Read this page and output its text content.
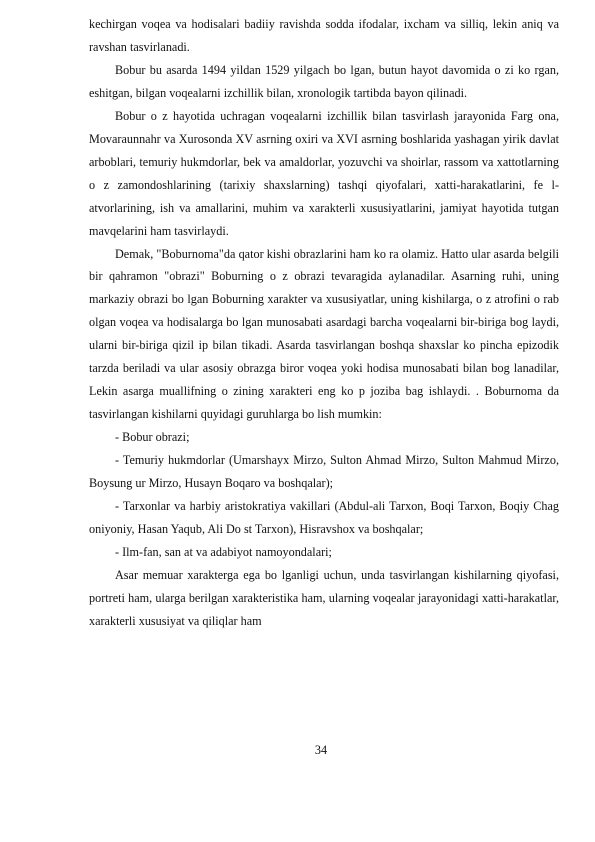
kechirgan voqea va hodisalari badiiy ravishda sodda ifodalar, ixcham va silliq, lekin aniq va ravshan tasvirlanadi.

Bobur bu asarda 1494 yildan 1529 yilgach bo lgan, butun hayot davomida o zi ko rgan, eshitgan, bilgan voqealarni izchillik bilan, xronologik tartibda bayon qilinadi.

Bobur o z hayotida uchragan voqealarni izchillik bilan tasvirlash jarayonida Farg ona, Movaraunnahr va Xurosonda XV asrning oxiri va XVI asrning boshlarida yashagan yirik davlat arboblari, temuriy hukmdorlar, bek va amaldorlar, yozuvchi va shoirlar, rassom va xattotlarning o z zamondoshlarining (tarixiy shaxslarning) tashqi qiyofalari, xatti-harakatlarini, fe l-atvorlarining, ish va amallarini, muhim va xarakterli xususiyatlarini, jamiyat hayotida tutgan mavqelarini ham tasvirlaydi.

Demak, "Boburnoma"da qator kishi obrazlarini ham ko ra olamiz. Hatto ular asarda belgili bir qahramon "obrazi" Boburning o z obrazi tevaragida aylanadilar. Asarning ruhi, uning markaziy obrazi bo lgan Boburning xarakter va xususiyatlar, uning kishilarga, o z atrofini o rab olgan voqea va hodisalarga bo lgan munosabati asardagi barcha voqealarni bir-biriga bog laydi, ularni bir-biriga qizil ip bilan tikadi. Asarda tasvirlangan boshqa shaxslar ko pincha epizodik tarzda beriladi va ular asosiy obrazga biror voqea yoki hodisa munosabati bilan bog lanadilar, Lekin asarga muallifning o zining xarakteri eng ko p joziba bag ishlaydi. . Boburnoma da tasvirlangan kishilarni quyidagi guruhlarga bo lish mumkin:

- Bobur obrazi;

- Temuriy hukmdorlar (Umarshayx Mirzo, Sulton Ahmad Mirzo, Sulton Mahmud Mirzo, Boysung ur Mirzo, Husayn Boqaro va boshqalar);

- Tarxonlar va harbiy aristokratiya vakillari (Abdul-ali Tarxon, Boqi Tarxon, Boqiy Chag oniyoniy, Hasan Yaqub, Ali Do st Tarxon), Hisravshox va boshqalar;

- Ilm-fan, san at va adabiyot namoyondalari;

Asar memuar xarakterga ega bo lganligi uchun, unda tasvirlangan kishilarning qiyofasi, portreti ham, ularga berilgan xarakteristika ham, ularning voqealar jarayonidagi xatti-harakatlar, xarakterli xususiyat va qiliqlar ham

34
